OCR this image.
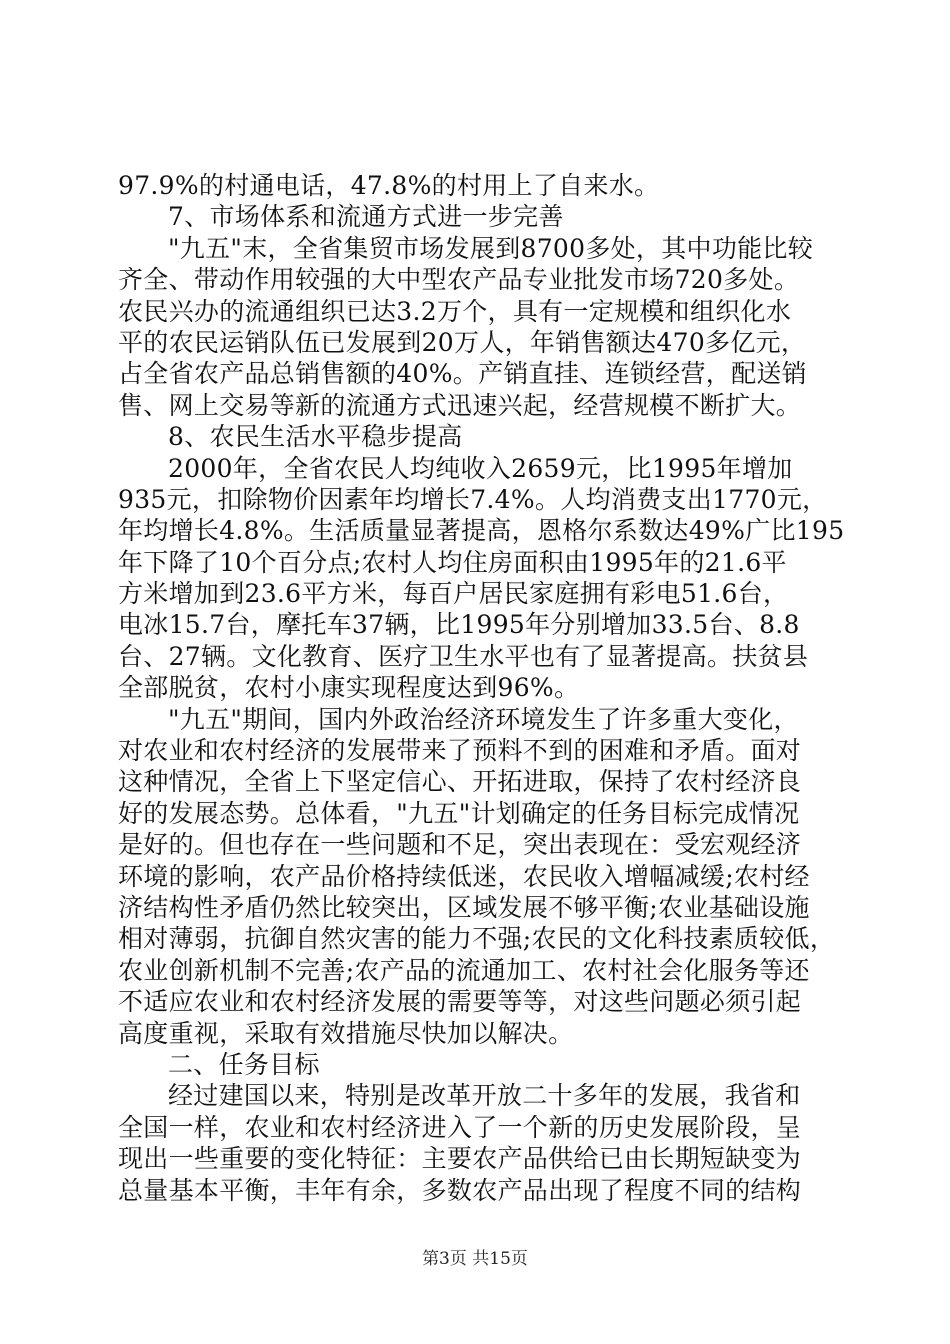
97.9%的村通电话，47.8%的村用上了自来水。
7、市场体系和流通方式进一步完善
"九五"末，全省集贸市场发展到8700多处，其中功能比较
齐全、带动作用较强的大中型农产品专业批发市场720多处。
农民兴办的流通组织已达3.2万个，具有一定规模和组织化水
平的农民运销队伍已发展到20万人，年销售额达470多亿元，
占全省农产品总销售额的40%。产销直挂、连锁经营，配送销
售、网上交易等新的流通方式迅速兴起，经营规模不断扩大。
8、农民生活水平稳步提高
2000年，全省农民人均纯收入2659元，比1995年增加
935元，扣除物价因素年均增长7.4%。人均消费支出1770元，
年均增长4.8%。生活质量显著提高，恩格尔系数达49%广比195
年下降了10个百分点;农村人均住房面积由1995年的21.6平
方米增加到23.6平方米，每百户居民家庭拥有彩电51.6台，
电冰15.7台，摩托车37辆，比1995年分别增加33.5台、8.8
台、27辆。文化教育、医疗卫生水平也有了显著提高。扶贫县
全部脱贫，农村小康实现程度达到96%。
"九五"期间，国内外政治经济环境发生了许多重大变化，
对农业和农村经济的发展带来了预料不到的困难和矛盾。面对
这种情况，全省上下坚定信心、开拓进取，保持了农村经济良
好的发展态势。总体看，"九五"计划确定的任务目标完成情况
是好的。但也存在一些问题和不足，突出表现在：受宏观经济
环境的影响，农产品价格持续低迷，农民收入增幅减缓;农村经
济结构性矛盾仍然比较突出，区域发展不够平衡;农业基础设施
相对薄弱，抗御自然灾害的能力不强;农民的文化科技素质较低，
农业创新机制不完善;农产品的流通加工、农村社会化服务等还
不适应农业和农村经济发展的需要等等，对这些问题必须引起
高度重视，采取有效措施尽快加以解决。
二、任务目标
经过建国以来，特别是改革开放二十多年的发展，我省和
全国一样，农业和农村经济进入了一个新的历史发展阶段，呈
现出一些重要的变化特征：主要农产品供给已由长期短缺变为
总量基本平衡，丰年有余，多数农产品出现了程度不同的结构
第3页 共15页
